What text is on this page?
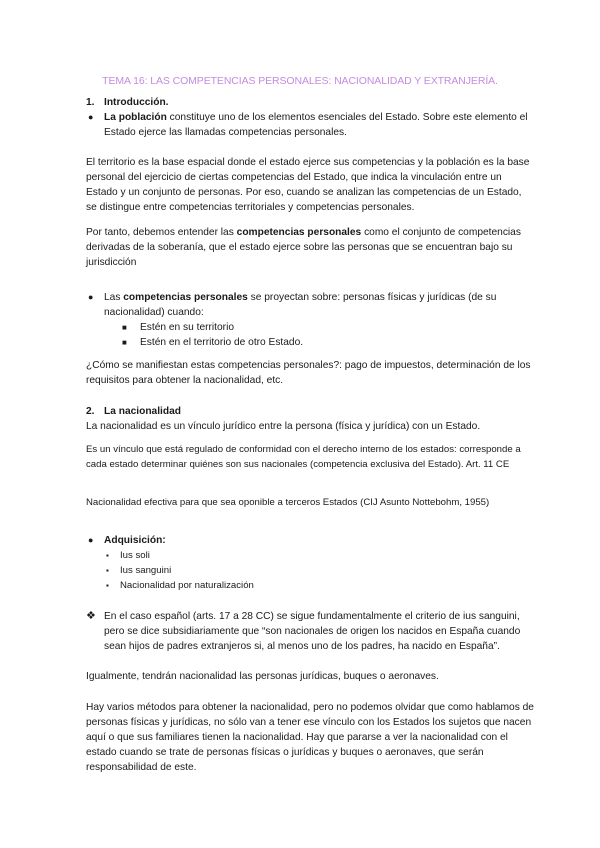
TEMA 16: LAS COMPETENCIAS PERSONALES: NACIONALIDAD Y EXTRANJERÍA.
1. Introducción.
● La población constituye uno de los elementos esenciales del Estado. Sobre este elemento el Estado ejerce las llamadas competencias personales.
El territorio es la base espacial donde el estado ejerce sus competencias y la población es la base personal del ejercicio de ciertas competencias del Estado, que indica la vinculación entre un Estado y un conjunto de personas. Por eso, cuando se analizan las competencias de un Estado, se distingue entre competencias territoriales y competencias personales.
Por tanto, debemos entender las competencias personales como el conjunto de competencias derivadas de la soberanía, que el estado ejerce sobre las personas que se encuentran bajo su jurisdicción
● Las competencias personales se proyectan sobre: personas físicas y jurídicas (de su nacionalidad) cuando:
■ Estén en su territorio
■ Estén en el territorio de otro Estado.
¿Cómo se manifiestan estas competencias personales?: pago de impuestos, determinación de los requisitos para obtener la nacionalidad, etc.
2. La nacionalidad
La nacionalidad es un vínculo jurídico entre la persona (física y jurídica) con un Estado.
Es un vínculo que está regulado de conformidad con el derecho interno de los estados: corresponde a cada estado determinar quiénes son sus nacionales (competencia exclusiva del Estado). Art. 11 CE
Nacionalidad efectiva para que sea oponible a terceros Estados (CIJ Asunto Nottebohm, 1955)
● Adquisición:
▪ Ius soli
▪ Ius sanguini
▪ Nacionalidad por naturalización
❖ En el caso español (arts. 17 a 28 CC) se sigue fundamentalmente el criterio de ius sanguini, pero se dice subsidiariamente que “son nacionales de origen los nacidos en España cuando sean hijos de padres extranjeros si, al menos uno de los padres, ha nacido en España”.
Igualmente, tendrán nacionalidad las personas jurídicas, buques o aeronaves.
Hay varios métodos para obtener la nacionalidad, pero no podemos olvidar que como hablamos de personas físicas y jurídicas, no sólo van a tener ese vínculo con los Estados los sujetos que nacen aquí o que sus familiares tienen la nacionalidad. Hay que pararse a ver la nacionalidad con el estado cuando se trate de personas físicas o jurídicas y buques o aeronaves, que serán responsabilidad de este.
